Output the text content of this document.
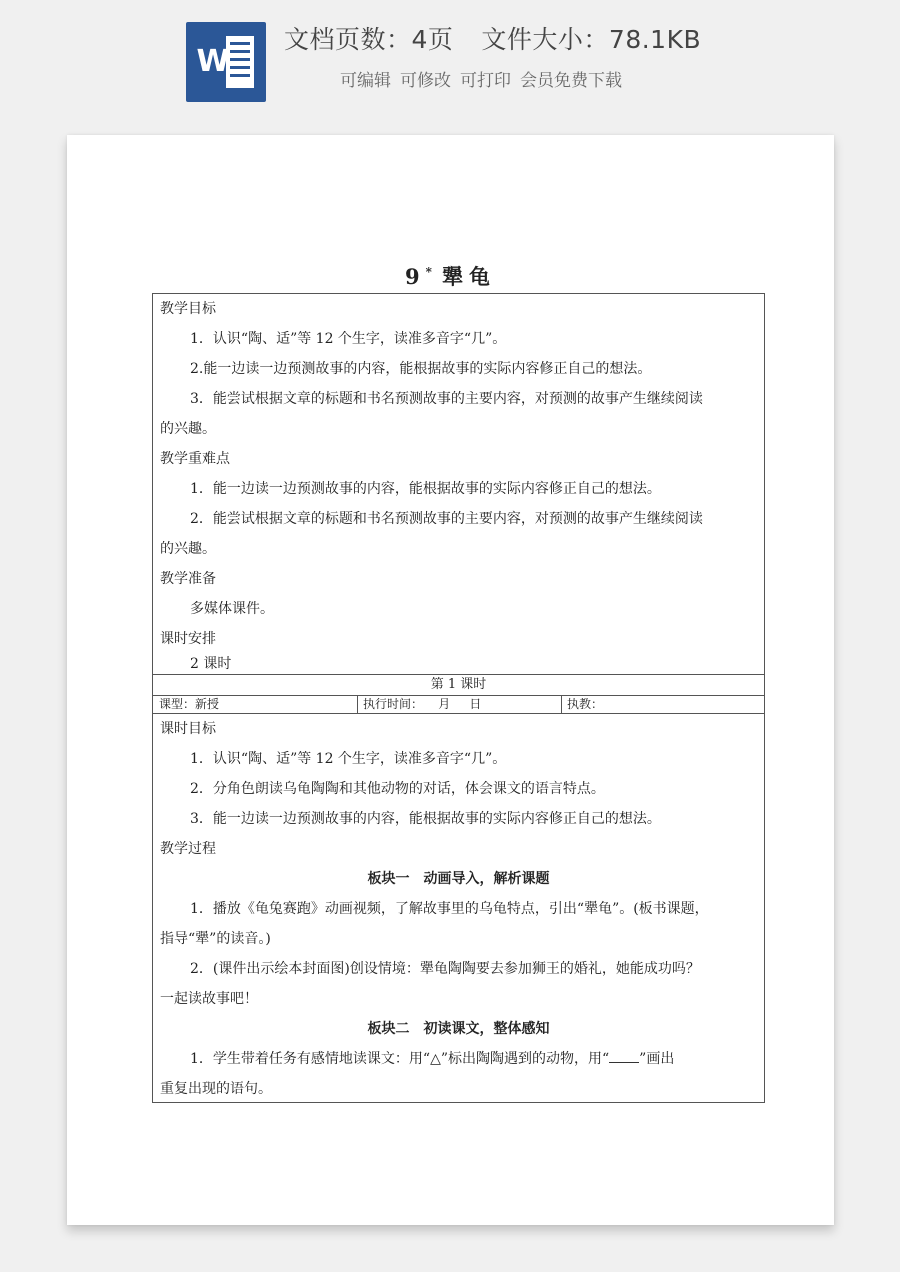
W
文档页数：4页 文件大小：78.1KB
可编辑 可修改 可打印 会员免费下载
9* 犟龟
教学目标
1．认识“陶、适”等 12 个生字，读准多音字“几”。
2.能一边读一边预测故事的内容，能根据故事的实际内容修正自己的想法。
3．能尝试根据文章的标题和书名预测故事的主要内容，对预测的故事产生继续阅读
的兴趣。
教学重难点
1．能一边读一边预测故事的内容，能根据故事的实际内容修正自己的想法。
2．能尝试根据文章的标题和书名预测故事的主要内容，对预测的故事产生继续阅读
的兴趣。
教学准备
多媒体课件。
课时安排
2 课时
第 1 课时
课型：新授	执行时间：    月     日	执教：
课时目标
1．认识“陶、适”等 12 个生字，读准多音字“几”。
2．分角色朗读乌龟陶陶和其他动物的对话，体会课文的语言特点。
3．能一边读一边预测故事的内容，能根据故事的实际内容修正自己的想法。
教学过程
板块一　动画导入，解析课题
1．播放《龟兔赛跑》动画视频，了解故事里的乌龟特点，引出“犟龟”。(板书课题，
指导“犟”的读音。)
2．(课件出示绘本封面图)创设情境：犟龟陶陶要去参加狮王的婚礼，她能成功吗？
一起读故事吧！
板块二　初读课文，整体感知
1．学生带着任务有感情地读课文：用“△”标出陶陶遇到的动物，用“ ”画出
重复出现的语句。
